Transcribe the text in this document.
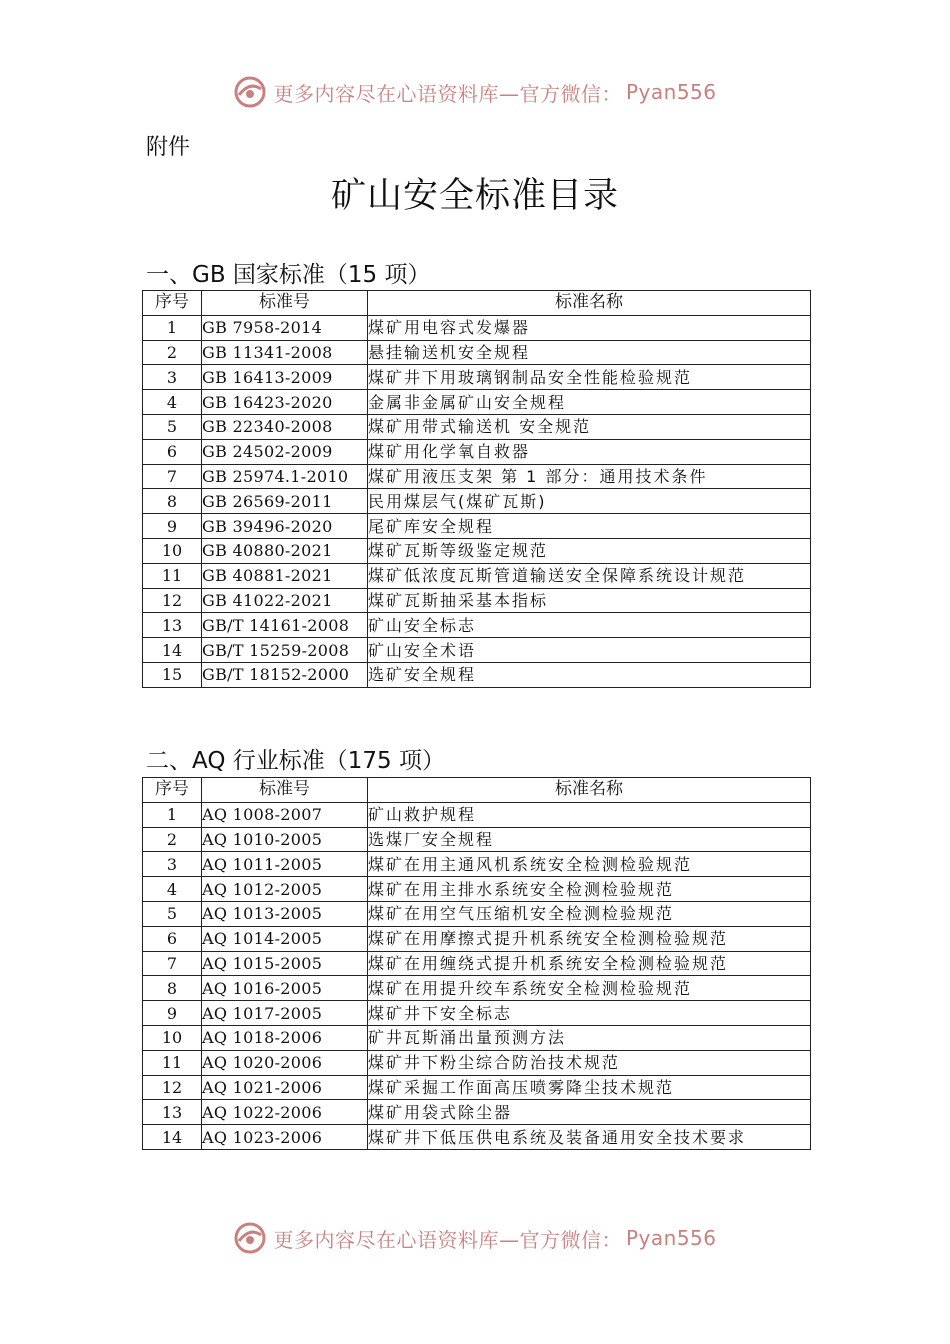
更多内容尽在心语资料库—官方微信： Pyan556
附件
矿山安全标准目录
一、GB 国家标准（15 项）
序号	标准号	标准名称
1	GB 7958-2014	煤矿用电容式发爆器
2	GB 11341-2008	悬挂输送机安全规程
3	GB 16413-2009	煤矿井下用玻璃钢制品安全性能检验规范
4	GB 16423-2020	金属非金属矿山安全规程
5	GB 22340-2008	煤矿用带式输送机 安全规范
6	GB 24502-2009	煤矿用化学氧自救器
7	GB 25974.1-2010	煤矿用液压支架 第 1 部分：通用技术条件
8	GB 26569-2011	民用煤层气(煤矿瓦斯)
9	GB 39496-2020	尾矿库安全规程
10	GB 40880-2021	煤矿瓦斯等级鉴定规范
11	GB 40881-2021	煤矿低浓度瓦斯管道输送安全保障系统设计规范
12	GB 41022-2021	煤矿瓦斯抽采基本指标
13	GB/T 14161-2008	矿山安全标志
14	GB/T 15259-2008	矿山安全术语
15	GB/T 18152-2000	选矿安全规程
二、AQ 行业标准（175 项）
序号	标准号	标准名称
1	AQ 1008-2007	矿山救护规程
2	AQ 1010-2005	选煤厂安全规程
3	AQ 1011-2005	煤矿在用主通风机系统安全检测检验规范
4	AQ 1012-2005	煤矿在用主排水系统安全检测检验规范
5	AQ 1013-2005	煤矿在用空气压缩机安全检测检验规范
6	AQ 1014-2005	煤矿在用摩擦式提升机系统安全检测检验规范
7	AQ 1015-2005	煤矿在用缠绕式提升机系统安全检测检验规范
8	AQ 1016-2005	煤矿在用提升绞车系统安全检测检验规范
9	AQ 1017-2005	煤矿井下安全标志
10	AQ 1018-2006	矿井瓦斯涌出量预测方法
11	AQ 1020-2006	煤矿井下粉尘综合防治技术规范
12	AQ 1021-2006	煤矿采掘工作面高压喷雾降尘技术规范
13	AQ 1022-2006	煤矿用袋式除尘器
14	AQ 1023-2006	煤矿井下低压供电系统及装备通用安全技术要求
更多内容尽在心语资料库—官方微信： Pyan556
